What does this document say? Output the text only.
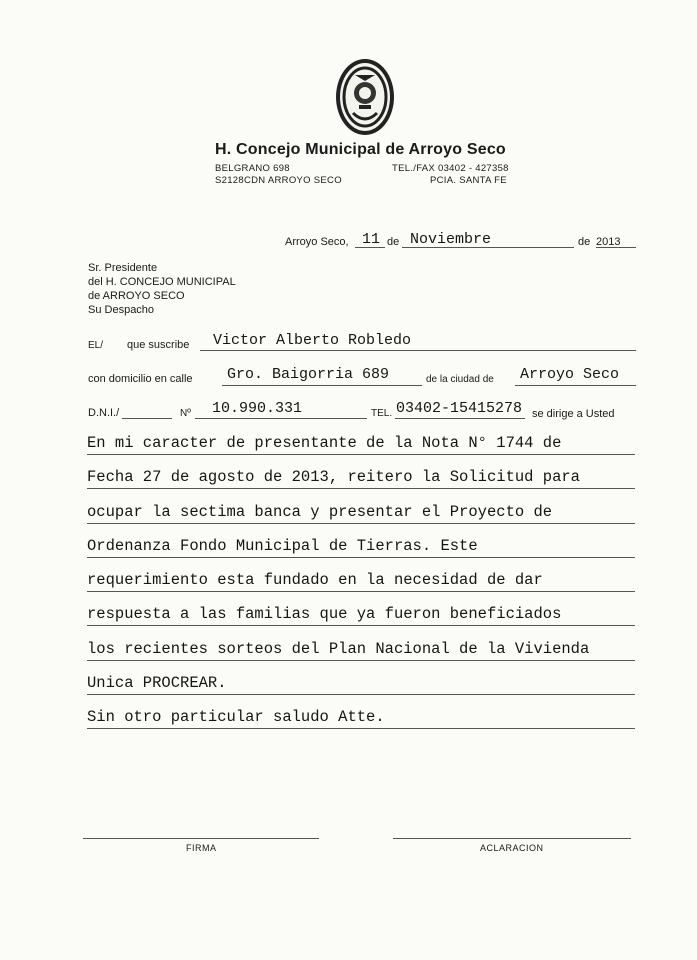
H. Concejo Municipal de Arroyo Seco
BELGRANO 698
S2128CDN ARROYO SECO
TEL./FAX 03402 - 427358
PCIA. SANTA FE
Arroyo Seco, 11 de Noviembre	de 2013
Sr. Presidente
del H. CONCEJO MUNICIPAL
de ARROYO SECO
Su Despacho
EL/ que suscribe Victor Alberto Robledo
con domicilio en calle Gro. Baigorria 689	de la ciudad de Arroyo Seco
D.N.I./	Nº 10.990.331	TEL. 03402-15415278 se dirige a Usted
En mi caracter de presentante de la Nota N° 1744 de
Fecha 27 de agosto de 2013, reitero la Solicitud para
ocupar la sectima banca y presentar el Proyecto de
Ordenanza Fondo Municipal de Tierras. Este
requerimiento esta fundado en la necesidad de dar
respuesta a las familias que ya fueron beneficiados
los recientes sorteos del Plan Nacional de la Vivienda
Unica PROCREAR.
Sin otro particular saludo Atte.
FIRMA	ACLARACION
